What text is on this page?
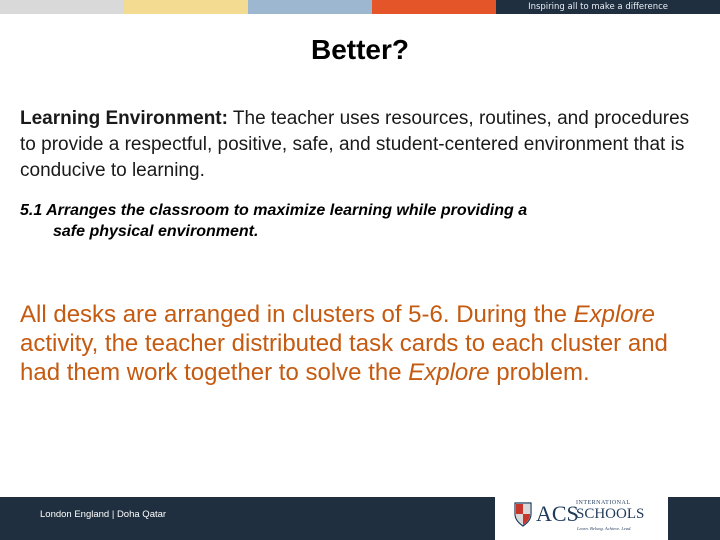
Inspiring all to make a difference
Better?
Learning Environment: The teacher uses resources, routines, and procedures to provide a respectful, positive, safe, and student-centered environment that is conducive to learning.
5.1 Arranges the classroom to maximize learning while providing a
safe physical environment.
All desks are arranged in clusters of 5-6. During the Explore activity, the teacher distributed task cards to each cluster and had them work together to solve the Explore problem.
London England | Doha Qatar	ACS
INTERNATIONAL
SCHOOLS
Learn. Belong. Achieve. Lead.
